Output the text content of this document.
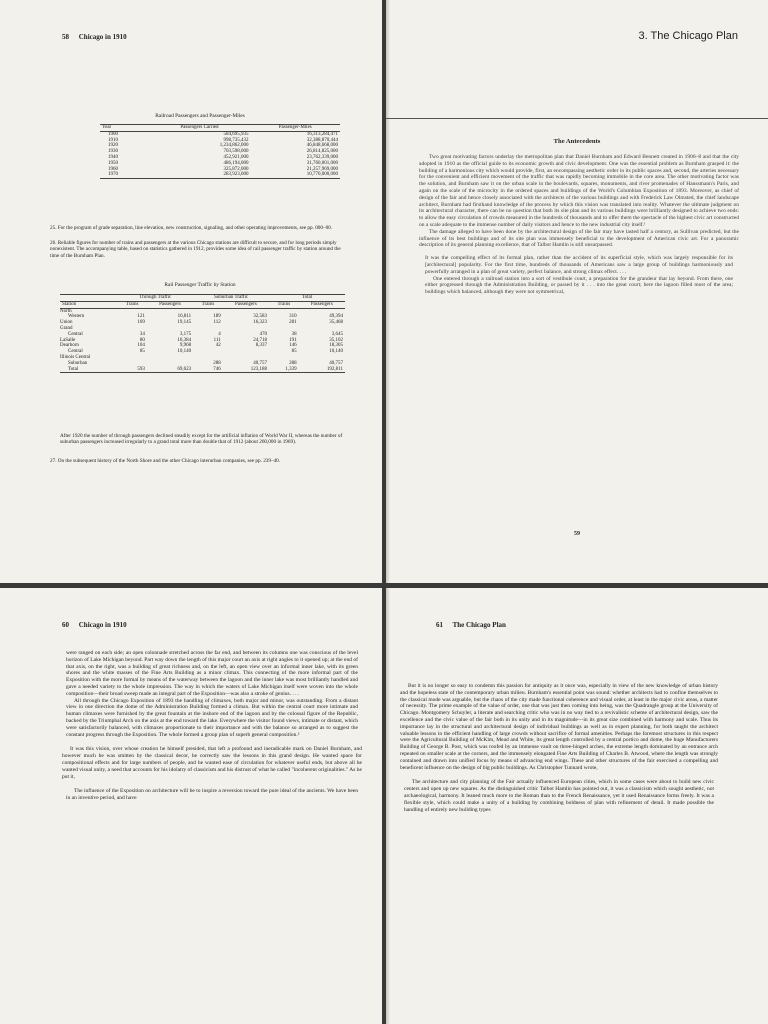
58 Chicago in 1910
Railroad Passengers and Passenger-Miles
Year	Passengers Carried	Passenger-Miles
1900	584,695,935	16,313,284,471
1910	998,735,432	32,388,870,444
1920	1,234,862,000	46,848,668,000
1930	703,598,000	26,814,825,000
1940	452,921,000	23,762,339,000
1950	486,194,000	31,760,001,000
1960	325,872,000	21,257,969,000
1970	283,923,000	10,770,000,000
25. For the program of grade separation, line elevation, new construction, signaling, and other operating improvements, see pp. 000–00.
26. Reliable figures for number of trains and passengers at the various Chicago stations are difficult to secure, and for long periods simply nonexistent. The accompanying table, based on statistics gathered in 1912, provides some idea of rail passenger traffic by station around the time of the Burnham Plan.
Rail Passenger Traffic by Station
	Through Traffic		Suburban Traffic		Total	
Station	Trains	Passengers	Trains	Passengers	Trains	Passengers
North						
Western	121	16,811	189	32,583	310	49,394
Union	169	19,145	112	16,323	281	35,468
Grand						
Central	34	3,175	4	470	38	3,645
LaSalle	80	10,384	111	24,718	191	35,102
Dearborn	104	9,968	42	8,337	146	18,305
Central	85	10,140			85	10,140
Illinois Central						
Suburban			288	40,757	288	40,757
Total	593	69,623	746	123,188	1,339	192,811
After 1920 the number of through passengers declined steadily except for the artificial inflation of World War II, whereas the number of suburban passengers increased irregularly to a grand total more than double that of 1912 (about 260,000 in 1969).
27. On the subsequent history of the North Shore and the other Chicago interurban companies, see pp. 239–40.
3. The Chicago Plan
The Antecedents

Two great motivating factors underlay the metropolitan plan that Daniel Burnham and Edward Bennett created in 1906–8 and that the city adopted in 1910 as the official guide to its economic growth and civic development. One was the essential problem as Burnham grasped it: the building of a harmonious city which would provide, first, an encompassing aesthetic order in its public spaces and, second, the arteries necessary for the convenient and efficient movement of the traffic that was rapidly becoming immobile in the core area. The other motivating factor was the solution, and Burnham saw it on the urban scale in the boulevards, squares, monuments, and river promenades of Haussmann's Paris, and again on the scale of the microcity in the ordered spaces and buildings of the World's Columbian Exposition of 1893. Moreover, as chief of design of the fair and hence closely associated with the architects of the various buildings and with Frederick Law Olmsted, the chief landscape architect, Burnham had firsthand knowledge of the process by which this vision was translated into reality. Whatever the ultimate judgment on its architectural character, there can be no question that both its site plan and its various buildings were brilliantly designed to achieve two ends: to allow the easy circulation of crowds measured in the hundreds of thousands and to offer them the spectacle of the highest civic art constructed on a scale adequate to the immense number of daily visitors and hence to the new industrial city itself.¹

The damage alleged to have been done by the architectural design of the fair may have lasted half a century, as Sullivan predicted, but the influence of its best buildings and of its site plan was immensely beneficial to the development of American civic art. For a panoramic description of its general planning excellence, that of Talbot Hamlin is still unsurpassed.

It was the compelling effect of its formal plan, rather than the accident of its superficial style, which was largely responsible for its [architectural] popularity. For the first time, hundreds of thousands of Americans saw a large group of buildings harmoniously and powerfully arranged in a plan of great variety, perfect balance, and strong climax effect. . . .

One entered through a railroad station into a sort of vestibule court, a preparation for the grandeur that lay beyond. From there, one either progressed through the Administration Building, or passed by it . . . into the great court; here the lagoon filled most of the area; buildings which balanced, although they were not symmetrical,

59
60 Chicago in 1910

were ranged on each side; an open colonnade stretched across the far end, and between its columns one was conscious of the level horizon of Lake Michigan beyond. Part way down the length of this major court an axis at right angles to it opened up; at the end of that axis, on the right, was a building of great richness and, on the left, an open view over an informal inner lake, with its green shores and the white masses of the Fine Arts Building as a minor climax. This connecting of the more informal part of the Exposition with the more formal by means of the waterway between the lagoon and the inner lake was most brilliantly handled and gave a needed variety to the whole impression. The way in which the waters of Lake Michigan itself were woven into the whole composition—their broad sweep made an integral part of the Exposition—was also a stroke of genius. . . .

All through the Chicago Exposition of 1893 the handling of climaxes, both major and minor, was outstanding. From a distant view in one direction the dome of the Administration Building formed a climax. But within the central court more intimate and human climaxes were furnished by the great fountain at the inshore end of the lagoon and by the colossal figure of the Republic, backed by the Triumphal Arch on the axis at the end toward the lake. Everywhere the visitor found views, intimate or distant, which were satisfactorily balanced, with climaxes proportionate to their importance and with the balance so arranged as to suggest the constant progress through the Exposition. The whole formed a group plan of superb general composition.²

It was this vision, over whose creation he himself presided, that left a profound and ineradicable mark on Daniel Burnham, and however much he was smitten by the classical decor, he correctly saw the lessons in this grand design. He wanted space for compositional effects and for large numbers of people, and he wanted ease of circulation for whatever useful ends, but above all he wanted visual unity, a need that accounts for his idolatry of classicism and his distrust of what he called "incoherent originalities." As he put it,

The influence of the Exposition on architecture will be to inspire a reversion toward the pure ideal of the ancients. We have been in an inventive period, and have

61 The Chicago Plan

But it is no longer so easy to condemn this passion for antiquity as it once was, especially in view of the new knowledge of urban history and the hopeless state of the contemporary urban milieu. Burnham's essential point was sound: whether architects had to confine themselves to the classical mode was arguable, but the chaos of the city made functional coherence and visual order, at least in the major civic areas, a matter of necessity. The prime example of the value of order, one that was just then coming into being, was the Quadrangle group at the University of Chicago. Montgomery Schuyler, a literate and searching critic who was in no way tied to a revivalistic scheme of architectural design, saw the excellence and the civic value of the fair both in its unity and in its magnitude—in its great size combined with harmony and scale. Thus its importance lay in the structural and architectural design of individual buildings as well as in expert planning, for both taught the architect valuable lessons in the efficient handling of large crowds without sacrifice of formal amenities. Perhaps the foremost structures in this respect were the Agricultural Building of McKim, Mead and White, its great length controlled by a central portico and dome, the huge Manufacturers Building of George B. Post, which was roofed by an immense vault on three-hinged arches, the extreme length dominated by an entrance arch repeated on smaller scale at the corners, and the immensely elongated Fine Arts Building of Charles B. Atwood, where the length was strongly contained and drawn into unified focus by means of advancing end wings. These and other structures of the fair exercised a compelling and beneficent influence on the design of big public buildings. As Christopher Tunnard wrote,

The architecture and city planning of the Fair actually influenced European cities, which in some cases were about to build new civic centers and open up new squares. As the distinguished critic Talbot Hamlin has pointed out, it was a classicism which sought aesthetic, not archaeological, harmony. It leaned much more to the Roman than to the French Renaissance, yet it used Renaissance forms freely. It was a flexible style, which could make a unity of a building by combining boldness of plan with refinement of detail. It made possible the handling of entirely new building types
